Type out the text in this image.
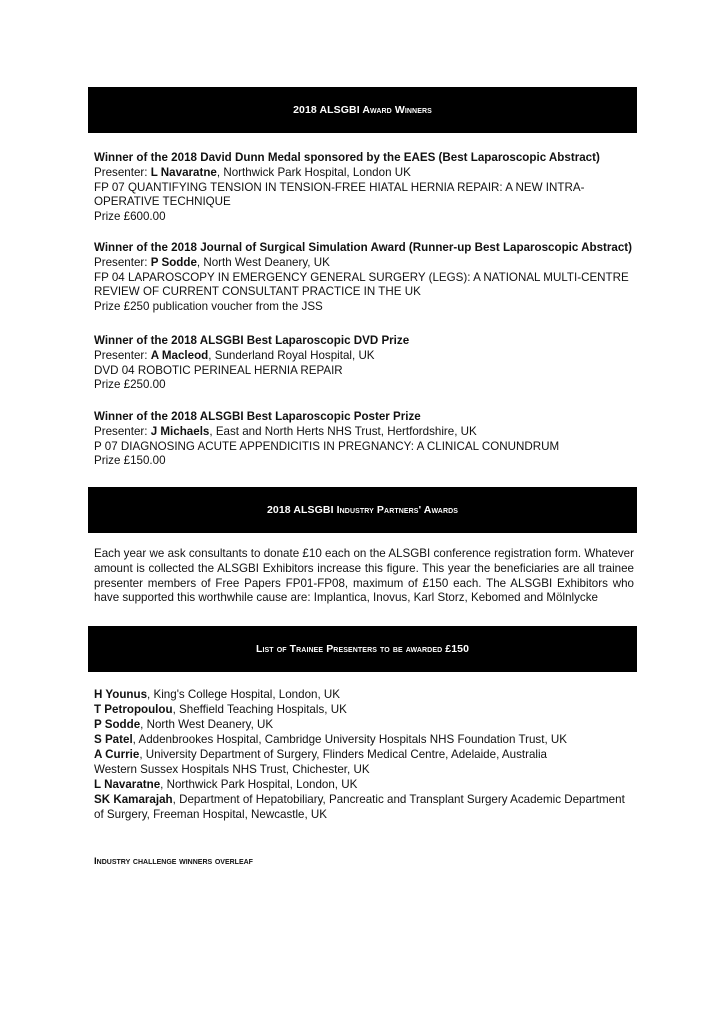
2018 ALSGBI Award Winners

Winner of the 2018 David Dunn Medal sponsored by the EAES (Best Laparoscopic Abstract)

Presenter: L Navaratne, Northwick Park Hospital, London UK

FP 07 QUANTIFYING TENSION IN TENSION-FREE HIATAL HERNIA REPAIR: A NEW INTRA-

OPERATIVE TECHNIQUE

Prize £600.00

Winner of the 2018 Journal of Surgical Simulation Award (Runner-up Best Laparoscopic Abstract)

Presenter: P Sodde, North West Deanery, UK

FP 04 LAPAROSCOPY IN EMERGENCY GENERAL SURGERY (LEGS): A NATIONAL MULTI-CENTRE

REVIEW OF CURRENT CONSULTANT PRACTICE IN THE UK

Prize £250 publication voucher from the JSS

Winner of the 2018 ALSGBI Best Laparoscopic DVD Prize

Presenter: A Macleod, Sunderland Royal Hospital, UK

DVD 04 ROBOTIC PERINEAL HERNIA REPAIR

Prize £250.00

Winner of the 2018 ALSGBI Best Laparoscopic Poster Prize

Presenter: J Michaels, East and North Herts NHS Trust, Hertfordshire, UK

P 07 DIAGNOSING ACUTE APPENDICITIS IN PREGNANCY: A CLINICAL CONUNDRUM

Prize £150.00

2018 ALSGBI Industry Partners' Awards

Each year we ask consultants to donate £10 each on the ALSGBI conference registration form. Whatever amount is collected the ALSGBI Exhibitors increase this figure. This year the beneficiaries are all trainee presenter members of Free Papers FP01-FP08, maximum of £150 each. The ALSGBI Exhibitors who have supported this worthwhile cause are: Implantica, Inovus, Karl Storz, Kebomed and Mölnlycke

List of Trainee Presenters to be awarded £150

H Younus, King's College Hospital, London, UK

T Petropoulou, Sheffield Teaching Hospitals, UK

P Sodde, North West Deanery, UK

S Patel, Addenbrookes Hospital, Cambridge University Hospitals NHS Foundation Trust, UK

A Currie, University Department of Surgery, Flinders Medical Centre, Adelaide, Australia

Western Sussex Hospitals NHS Trust, Chichester, UK

L Navaratne, Northwick Park Hospital, London, UK

SK Kamarajah, Department of Hepatobiliary, Pancreatic and Transplant Surgery Academic Department of Surgery, Freeman Hospital, Newcastle, UK

Industry challenge winners overleaf
